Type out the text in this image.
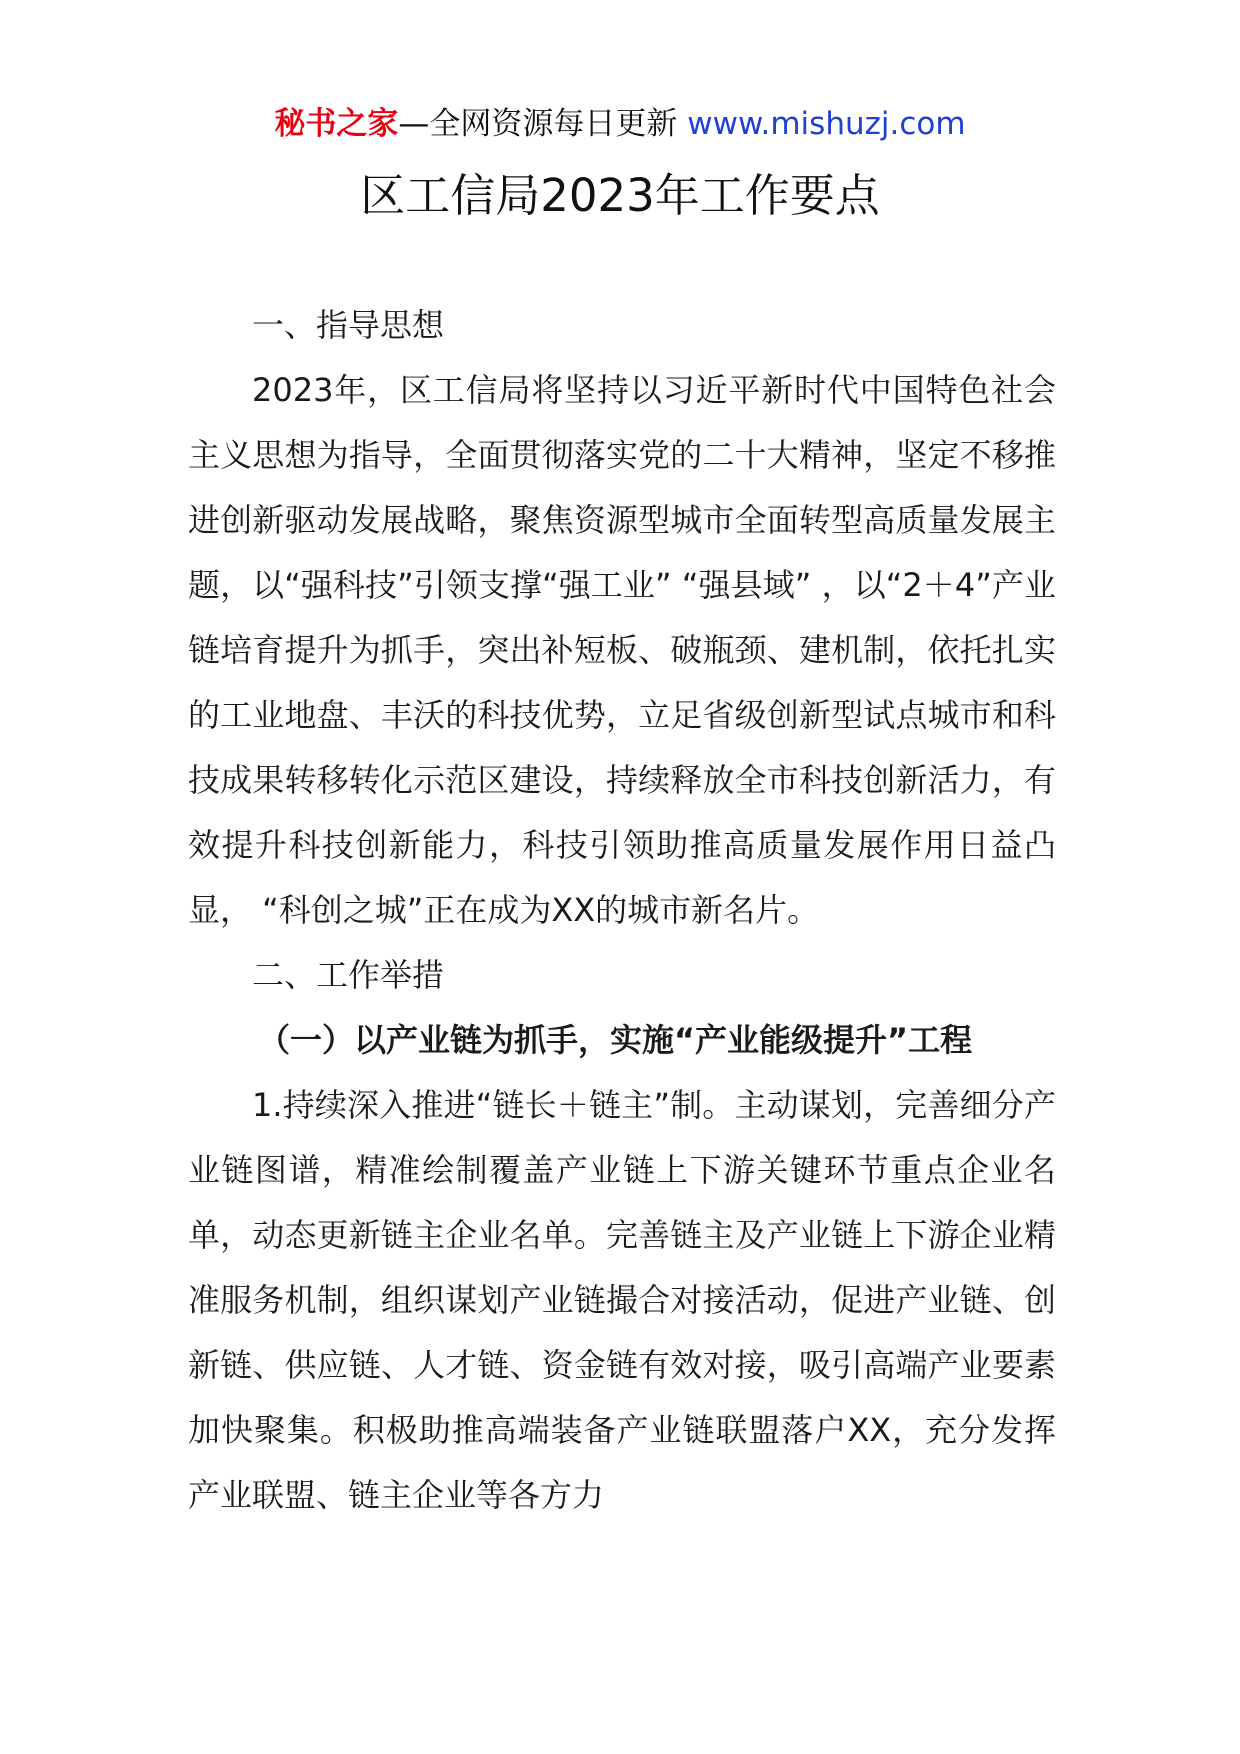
秘书之家—全网资源每日更新 www.mishuzj.com
区工信局2023年工作要点

一、指导思想

2023年，区工信局将坚持以习近平新时代中国特色社会主义思想为指导，全面贯彻落实党的二十大精神，坚定不移推进创新驱动发展战略，聚焦资源型城市全面转型高质量发展主题，以“强科技”引领支撑“强工业” “强县域” ，以“2＋4”产业链培育提升为抓手，突出补短板、破瓶颈、建机制，依托扎实的工业地盘、丰沃的科技优势，立足省级创新型试点城市和科技成果转移转化示范区建设，持续释放全市科技创新活力，有效提升科技创新能力，科技引领助推高质量发展作用日益凸显， “科创之城”正在成为XX的城市新名片。

二、工作举措

（一）以产业链为抓手，实施“产业能级提升”工程

1.持续深入推进“链长＋链主”制。主动谋划，完善细分产业链图谱，精准绘制覆盖产业链上下游关键环节重点企业名单，动态更新链主企业名单。完善链主及产业链上下游企业精准服务机制，组织谋划产业链撮合对接活动，促进产业链、创新链、供应链、人才链、资金链有效对接，吸引高端产业要素加快聚集。积极助推高端装备产业链联盟落户XX，充分发挥产业联盟、链主企业等各方力
